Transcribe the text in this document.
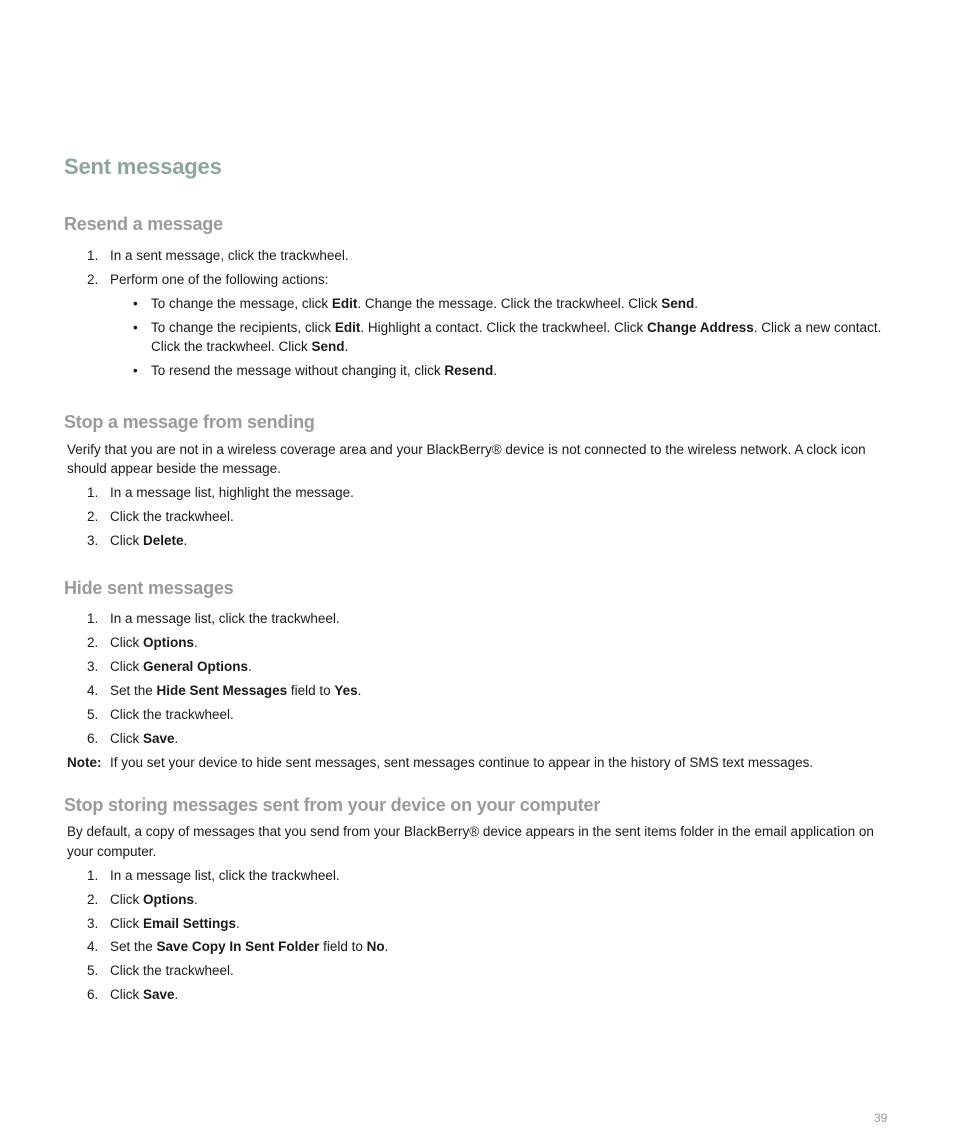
Sent messages
Resend a message
1. In a sent message, click the trackwheel.
2. Perform one of the following actions:
• To change the message, click Edit. Change the message. Click the trackwheel. Click Send.
• To change the recipients, click Edit. Highlight a contact. Click the trackwheel. Click Change Address. Click a new contact.
Click the trackwheel. Click Send.
• To resend the message without changing it, click Resend.
Stop a message from sending
Verify that you are not in a wireless coverage area and your BlackBerry® device is not connected to the wireless network. A clock icon
should appear beside the message.
1. In a message list, highlight the message.
2. Click the trackwheel.
3. Click Delete.
Hide sent messages
1. In a message list, click the trackwheel.
2. Click Options.
3. Click General Options.
4. Set the Hide Sent Messages field to Yes.
5. Click the trackwheel.
6. Click Save.
Note: If you set your device to hide sent messages, sent messages continue to appear in the history of SMS text messages.
Stop storing messages sent from your device on your computer
By default, a copy of messages that you send from your BlackBerry® device appears in the sent items folder in the email application on
your computer.
1. In a message list, click the trackwheel.
2. Click Options.
3. Click Email Settings.
4. Set the Save Copy In Sent Folder field to No.
5. Click the trackwheel.
6. Click Save.
39
